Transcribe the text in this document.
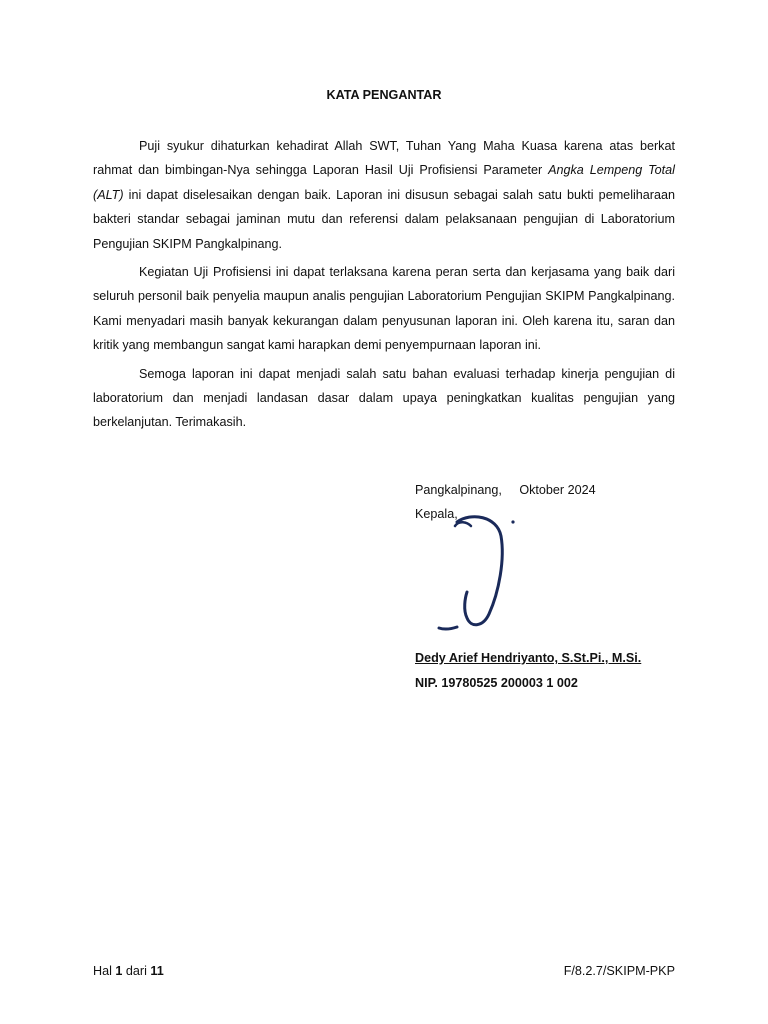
KATA PENGANTAR

Puji syukur dihaturkan kehadirat Allah SWT, Tuhan Yang Maha Kuasa karena atas berkat rahmat dan bimbingan-Nya sehingga Laporan Hasil Uji Profisiensi Parameter Angka Lempeng Total (ALT) ini dapat diselesaikan dengan baik. Laporan ini disusun sebagai salah satu bukti pemeliharaan bakteri standar sebagai jaminan mutu dan referensi dalam pelaksanaan pengujian di Laboratorium Pengujian SKIPM Pangkalpinang.

Kegiatan Uji Profisiensi ini dapat terlaksana karena peran serta dan kerjasama yang baik dari seluruh personil baik penyelia maupun analis pengujian Laboratorium Pengujian SKIPM Pangkalpinang. Kami menyadari masih banyak kekurangan dalam penyusunan laporan ini. Oleh karena itu, saran dan kritik yang membangun sangat kami harapkan demi penyempurnaan laporan ini.

Semoga laporan ini dapat menjadi salah satu bahan evaluasi terhadap kinerja pengujian di laboratorium dan menjadi landasan dasar dalam upaya peningkatkan kualitas pengujian yang berkelanjutan. Terimakasih.

Pangkalpinang,     Oktober 2024
Kepala,
Dedy Arief Hendriyanto, S.St.Pi., M.Si.
NIP. 19780525 200003 1 002
Hal 1 dari 11	F/8.2.7/SKIPM-PKP
